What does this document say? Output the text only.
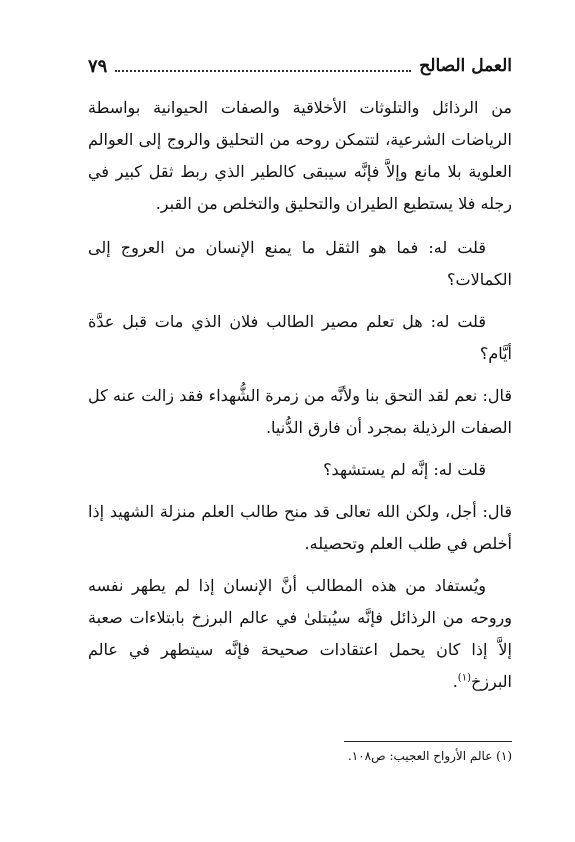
العمل الصالح
٧٩

من الرذائل والتلوثات الأخلاقية والصفات الحيوانية بواسطة الرياضات الشرعية، لتتمكن روحه من التحليق والروج إلى العوالم العلوية بلا مانع وإلاَّ فإنَّه سيبقى كالطير الذي ربط ثقل كبير في رجله فلا يستطيع الطيران والتحليق والتخلص من القبر.

قلت له: فما هو الثقل ما يمنع الإنسان من العروج إلى الكمالات؟

قلت له: هل تعلم مصير الطالب فلان الذي مات قبل عدَّة أيَّام؟

قال: نعم لقد التحق بنا ولأنَّه من زمرة الشُّهداء فقد زالت عنه كل الصفات الرذيلة بمجرد أن فارق الدُّنيا.

قلت له: إنَّه لم يستشهد؟

قال: أجل، ولكن الله تعالى قد منح طالب العلم منزلة الشهيد إذا أخلص في طلب العلم وتحصيله.

ويُستفاد من هذه المطالب أنَّ الإنسان إذا لم يطهر نفسه وروحه من الرذائل فإنَّه سيُبتلىٰ في عالم البرزخ بابتلاءات صعبة إلاَّ إذا كان يحمل اعتقادات صحيحة فإنَّه سيتطهر في عالم البرزخ$^{(١)}$.

(١) عالم الأرواح العجيب: ص١٠٨.
